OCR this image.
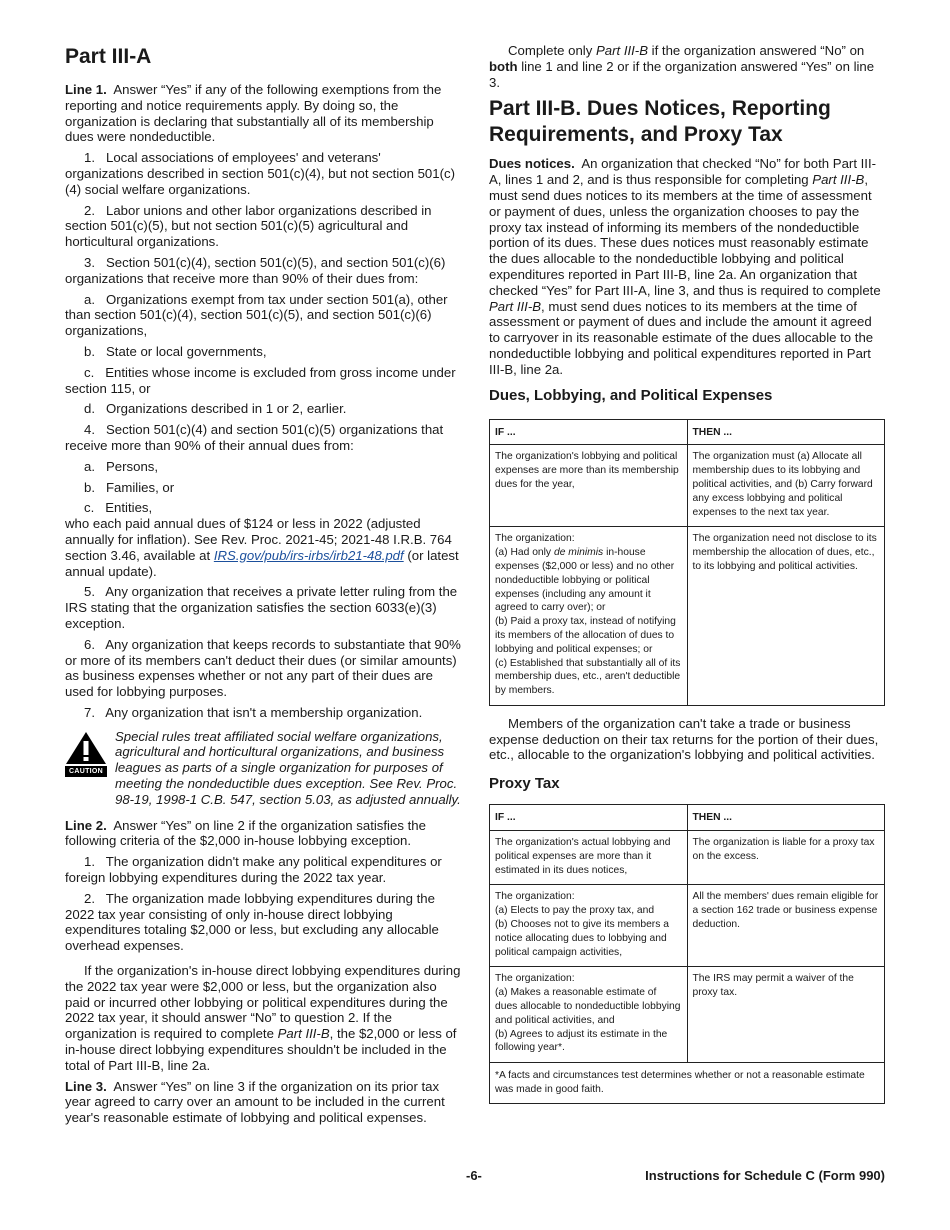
Part III-A

Line 1. Answer “Yes” if any of the following exemptions from the reporting and notice requirements apply. By doing so, the organization is declaring that substantially all of its membership dues were nondeductible.

1.   Local associations of employees' and veterans' organizations described in section 501(c)(4), but not section 501(c)(4) social welfare organizations.

2.   Labor unions and other labor organizations described in section 501(c)(5), but not section 501(c)(5) agricultural and horticultural organizations.

3.   Section 501(c)(4), section 501(c)(5), and section 501(c)(6) organizations that receive more than 90% of their dues from:

a.   Organizations exempt from tax under section 501(a), other than section 501(c)(4), section 501(c)(5), and section 501(c)(6) organizations,

b.   State or local governments,

c.   Entities whose income is excluded from gross income under section 115, or

d.   Organizations described in 1 or 2, earlier.

4.   Section 501(c)(4) and section 501(c)(5) organizations that receive more than 90% of their annual dues from:

a.   Persons,

b.   Families, or

c.   Entities,

who each paid annual dues of $124 or less in 2022 (adjusted annually for inflation). See Rev. Proc. 2021-45; 2021-48 I.R.B. 764 section 3.46, available at IRS.gov/pub/irs-irbs/irb21-48.pdf (or latest annual update).

5.   Any organization that receives a private letter ruling from the IRS stating that the organization satisfies the section 6033(e)(3) exception.

6.   Any organization that keeps records to substantiate that 90% or more of its members can't deduct their dues (or similar amounts) as business expenses whether or not any part of their dues are used for lobbying purposes.

7.   Any organization that isn't a membership organization.

CAUTION
Special rules treat affiliated social welfare organizations, agricultural and horticultural organizations, and business leagues as parts of a single organization for purposes of meeting the nondeductible dues exception. See Rev. Proc. 98-19, 1998-1 C.B. 547, section 5.03, as adjusted annually.

Line 2. Answer “Yes” on line 2 if the organization satisfies the following criteria of the $2,000 in-house lobbying exception.

1.   The organization didn't make any political expenditures or foreign lobbying expenditures during the 2022 tax year.

2.   The organization made lobbying expenditures during the 2022 tax year consisting of only in-house direct lobbying expenditures totaling $2,000 or less, but excluding any allocable overhead expenses.

If the organization's in-house direct lobbying expenditures during the 2022 tax year were $2,000 or less, but the organization also paid or incurred other lobbying or political expenditures during the 2022 tax year, it should answer “No” to question 2. If the organization is required to complete Part III-B, the $2,000 or less of in-house direct lobbying expenditures shouldn't be included in the total of Part III-B, line 2a.

Line 3. Answer “Yes” on line 3 if the organization on its prior tax year agreed to carry over an amount to be included in the current year's reasonable estimate of lobbying and political expenses.

Complete only Part III-B if the organization answered “No” on both line 1 and line 2 or if the organization answered “Yes” on line 3.

Part III-B. Dues Notices, Reporting Requirements, and Proxy Tax

Dues notices. An organization that checked “No” for both Part III-A, lines 1 and 2, and is thus responsible for completing Part III-B, must send dues notices to its members at the time of assessment or payment of dues, unless the organization chooses to pay the proxy tax instead of informing its members of the nondeductible portion of its dues. These dues notices must reasonably estimate the dues allocable to the nondeductible lobbying and political expenditures reported in Part III-B, line 2a. An organization that checked “Yes” for Part III-A, line 3, and thus is required to complete Part III-B, must send dues notices to its members at the time of assessment or payment of dues and include the amount it agreed to carryover in its reasonable estimate of the dues allocable to the nondeductible lobbying and political expenditures reported in Part III-B, line 2a.

Dues, Lobbying, and Political Expenses
IF ...	THEN ...
The organization's lobbying and political expenses are more than its membership dues for the year,	The organization must (a) Allocate all membership dues to its lobbying and political activities, and (b) Carry forward any excess lobbying and political expenses to the next tax year.

The organization:
(a) Had only de minimis in-house expenses ($2,000 or less) and no other nondeductible lobbying or political expenses (including any amount it agreed to carry over); or
(b) Paid a proxy tax, instead of notifying its members of the allocation of dues to lobbying and political expenses; or
(c) Established that substantially all of its membership dues, etc., aren't deductible by members.	The organization need not disclose to its membership the allocation of dues, etc., to its lobbying and political activities.

Members of the organization can't take a trade or business expense deduction on their tax returns for the portion of their dues, etc., allocable to the organization's lobbying and political activities.

Proxy Tax
IF ...	THEN ...
The organization's actual lobbying and political expenses are more than it estimated in its dues notices,	The organization is liable for a proxy tax on the excess.

The organization:
(a) Elects to pay the proxy tax, and
(b) Chooses not to give its members a notice allocating dues to lobbying and political campaign activities,	All the members' dues remain eligible for a section 162 trade or business expense deduction.

The organization:
(a) Makes a reasonable estimate of dues allocable to nondeductible lobbying and political activities, and
(b) Agrees to adjust its estimate in the following year*.	The IRS may permit a waiver of the proxy tax.
*A facts and circumstances test determines whether or not a reasonable estimate was made in good faith.	
-6-	Instructions for Schedule C (Form 990)
